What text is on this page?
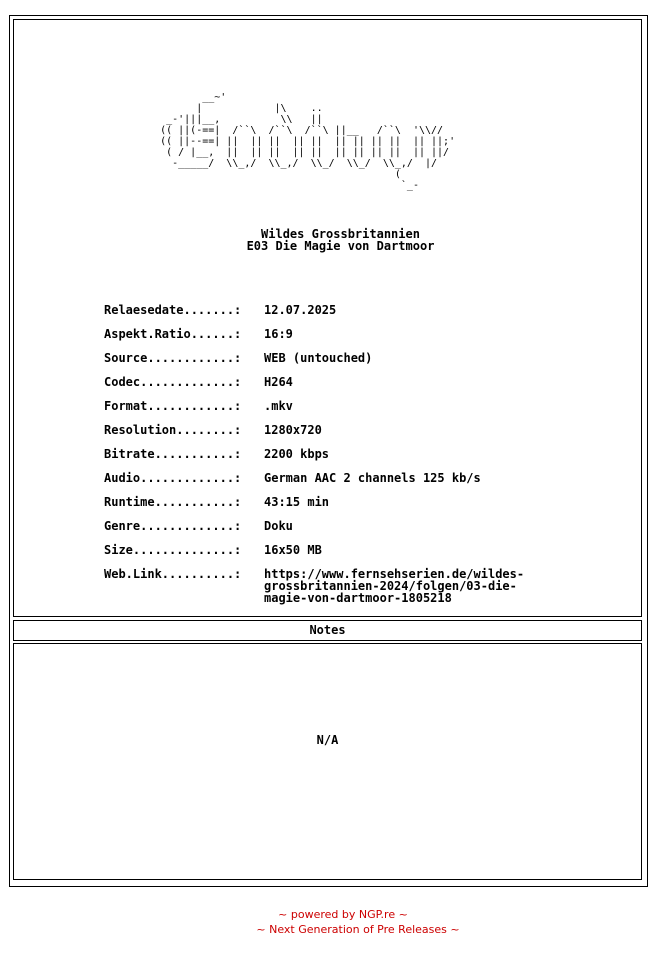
__~'
|            |\    ..
_-'|||__,          \\   ||
(( ||(-==|  /``\  /``\  /``\ ||__   /``\  '\\//
(( ||--==| ||  || ||  || ||  || || || ||  || ||;'
( / |__,  ||  || ||  || ||  || || || ||  || ||/
-_____/  \\_,/  \\_,/  \\_/  \\_/  \\_,/  |/
(
`_-
Wildes Grossbritannien
E03 Die Magie von Dartmoor
Relaesedate.......:	12.07.2025
Aspekt.Ratio......:	16:9
Source............:	WEB (untouched)
Codec.............:	H264
Format............:	.mkv
Resolution........:	1280x720
Bitrate...........:	2200 kbps
Audio.............:	German AAC 2 channels 125 kb/s
Runtime...........:	43:15 min
Genre.............:	Doku
Size..............:	16x50 MB
Web.Link..........:	https://www.fernsehserien.de/wildes-
grossbritannien-2024/folgen/03-die-
magie-von-dartmoor-1805218
Notes
N/A
~ powered by NGP.re ~
~ Next Generation of Pre Releases ~
